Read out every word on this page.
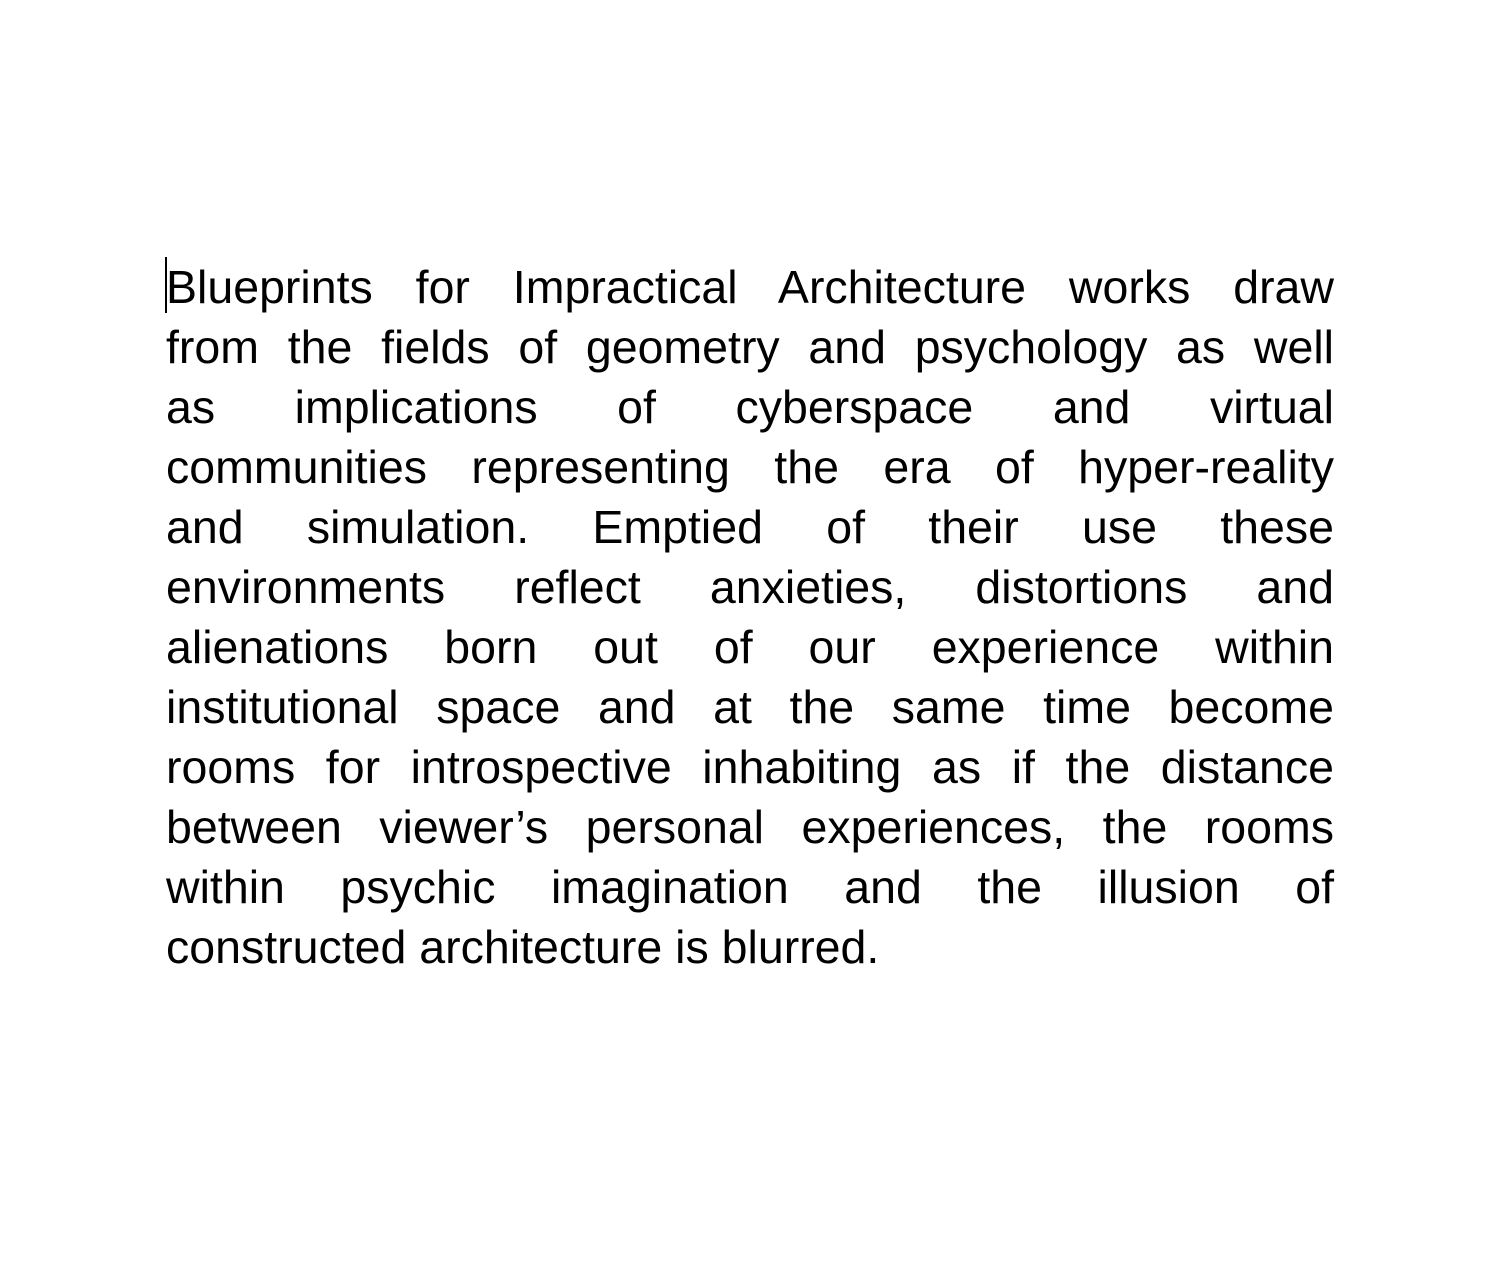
Blueprints for Impractical Architecture works draw
from the fields of geometry and psychology as well
as implications of cyberspace and virtual
communities representing the era of hyper-reality
and simulation. Emptied of their use these
environments reflect anxieties, distortions and
alienations born out of our experience within
institutional space and at the same time become
rooms for introspective inhabiting as if the distance
between viewer’s personal experiences, the rooms
within psychic imagination and the illusion of
constructed architecture is blurred.
